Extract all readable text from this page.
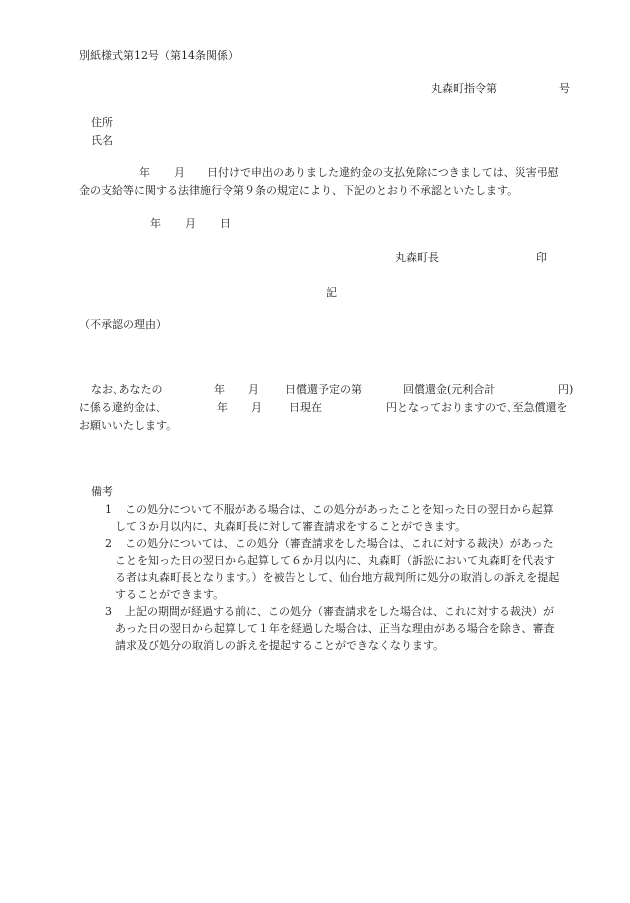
別紙様式第12号（第14条関係）
丸森町指令第	号
住所
氏名
年 月 日付けで申出のありました違約金の支払免除につきましては、災害弔慰
金の支給等に関する法律施行令第９条の規定により、下記のとおり不承認といたします。
年 月 日
丸森町長	印
記
（不承認の理由）
なお､あなたの	年 月 日償還予定の第	回償還金(元利合計	円)
に係る違約金は､	年 月 日現在	円となっておりますので､至急償還を
お願いいたします。
備考
1	この処分について不服がある場合は、この処分があったことを知った日の翌日から起算
して３か月以内に、丸森町長に対して審査請求をすることができます。
2	この処分については、この処分（審査請求をした場合は、これに対する裁決）があった
ことを知った日の翌日から起算して６か月以内に、丸森町（訴訟において丸森町を代表す
る者は丸森町長となります。）を被告として、仙台地方裁判所に処分の取消しの訴えを提起
することができます。
3	上記の期間が経過する前に、この処分（審査請求をした場合は、これに対する裁決）が
あった日の翌日から起算して１年を経過した場合は、正当な理由がある場合を除き、審査
請求及び処分の取消しの訴えを提起することができなくなります。
